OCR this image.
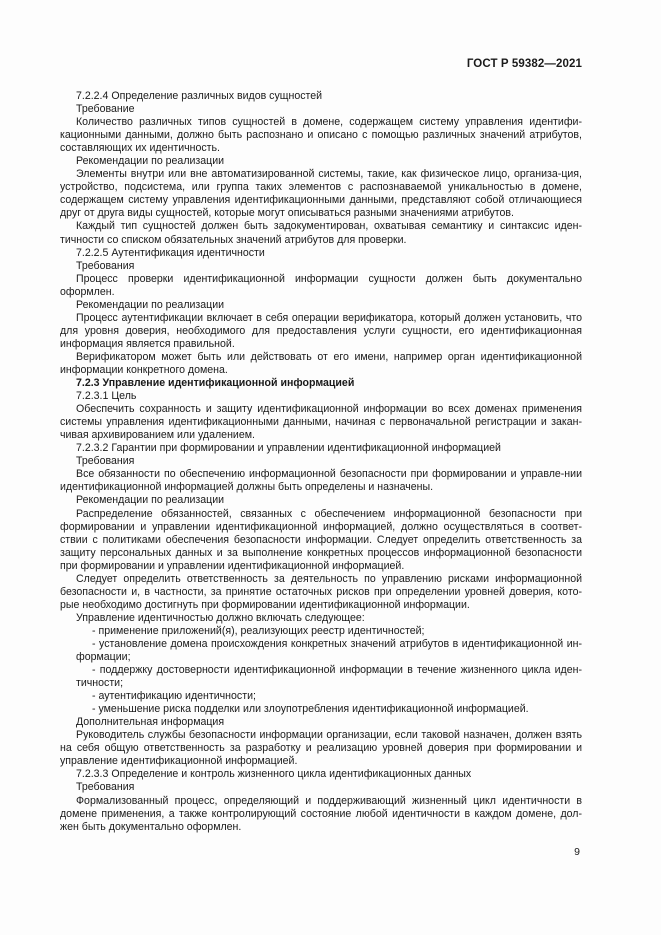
ГОСТ Р 59382—2021

7.2.2.4 Определение различных видов сущностей

Требование

Количество различных типов сущностей в домене, содержащем систему управления идентифи-кационными данными, должно быть распознано и описано с помощью различных значений атрибутов, составляющих их идентичность.

Рекомендации по реализации

Элементы внутри или вне автоматизированной системы, такие, как физическое лицо, организа-ция, устройство, подсистема, или группа таких элементов с распознаваемой уникальностью в домене, содержащем систему управления идентификационными данными, представляют собой отличающиеся друг от друга виды сущностей, которые могут описываться разными значениями атрибутов.

Каждый тип сущностей должен быть задокументирован, охватывая семантику и синтаксис иден-тичности со списком обязательных значений атрибутов для проверки.

7.2.2.5 Аутентификация идентичности

Требования

Процесс проверки идентификационной информации сущности должен быть документально оформлен.

Рекомендации по реализации

Процесс аутентификации включает в себя операции верификатора, который должен установить, что для уровня доверия, необходимого для предоставления услуги сущности, его идентификационная информация является правильной.

Верификатором может быть или действовать от его имени, например орган идентификационной информации конкретного домена.

7.2.3 Управление идентификационной информацией

7.2.3.1 Цель

Обеспечить сохранность и защиту идентификационной информации во всех доменах применения системы управления идентификационными данными, начиная с первоначальной регистрации и закан-чивая архивированием или удалением.

7.2.3.2 Гарантии при формировании и управлении идентификационной информацией

Требования

Все обязанности по обеспечению информационной безопасности при формировании и управле-нии идентификационной информацией должны быть определены и назначены.

Рекомендации по реализации

Распределение обязанностей, связанных с обеспечением информационной безопасности при формировании и управлении идентификационной информацией, должно осуществляться в соответ-ствии с политиками обеспечения безопасности информации. Следует определить ответственность за защиту персональных данных и за выполнение конкретных процессов информационной безопасности при формировании и управлении идентификационной информацией.

Следует определить ответственность за деятельность по управлению рисками информационной безопасности и, в частности, за принятие остаточных рисков при определении уровней доверия, кото-рые необходимо достигнуть при формировании идентификационной информации.

Управление идентичностью должно включать следующее:

- применение приложений(я), реализующих реестр идентичностей;

- установление домена происхождения конкретных значений атрибутов в идентификационной ин-формации;

- поддержку достоверности идентификационной информации в течение жизненного цикла иден-тичности;

- аутентификацию идентичности;

- уменьшение риска подделки или злоупотребления идентификационной информацией.

Дополнительная информация

Руководитель службы безопасности информации организации, если таковой назначен, должен взять на себя общую ответственность за разработку и реализацию уровней доверия при формировании и управление идентификационной информацией.

7.2.3.3 Определение и контроль жизненного цикла идентификационных данных

Требования

Формализованный процесс, определяющий и поддерживающий жизненный цикл идентичности в домене применения, а также контролирующий состояние любой идентичности в каждом домене, дол-жен быть документально оформлен.

9
